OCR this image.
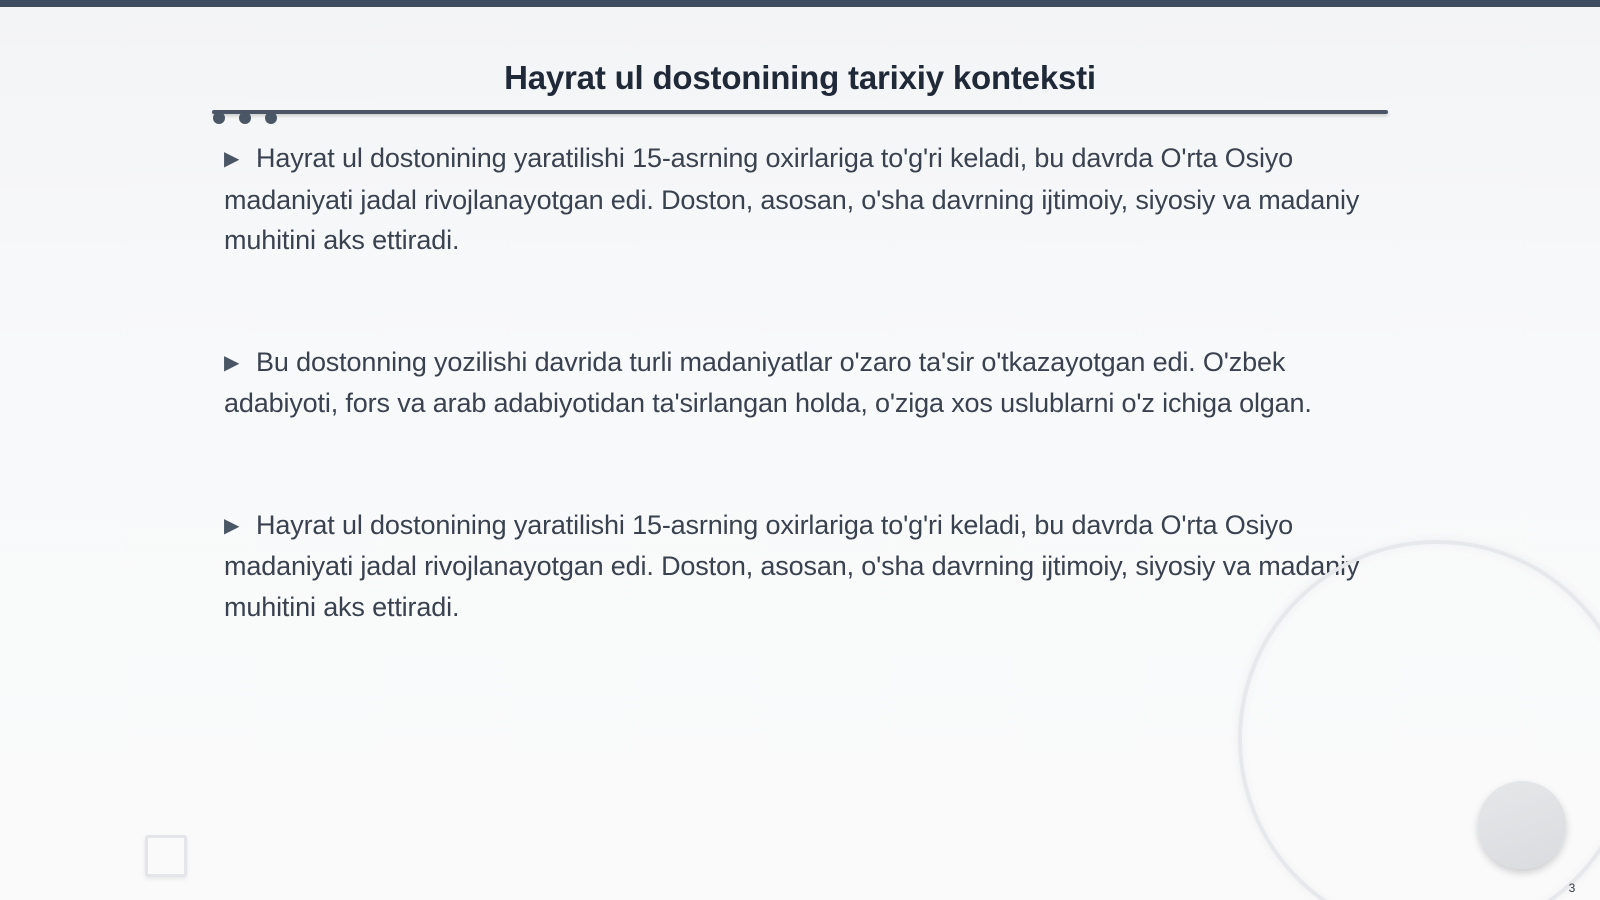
Hayrat ul dostonining tarixiy konteksti

▶ Hayrat ul dostonining yaratilishi 15-asrning oxirlariga to'g'ri keladi, bu davrda O'rta Osiyo madaniyati jadal rivojlanayotgan edi. Doston, asosan, o'sha davrning ijtimoiy, siyosiy va madaniy muhitini aks ettiradi.

▶ Bu dostonning yozilishi davrida turli madaniyatlar o'zaro ta'sir o'tkazayotgan edi. O'zbek adabiyoti, fors va arab adabiyotidan ta'sirlangan holda, o'ziga xos uslublarni o'z ichiga olgan.

▶ Hayrat ul dostonining yaratilishi 15-asrning oxirlariga to'g'ri keladi, bu davrda O'rta Osiyo madaniyati jadal rivojlanayotgan edi. Doston, asosan, o'sha davrning ijtimoiy, siyosiy va madaniy muhitini aks ettiradi.

3
